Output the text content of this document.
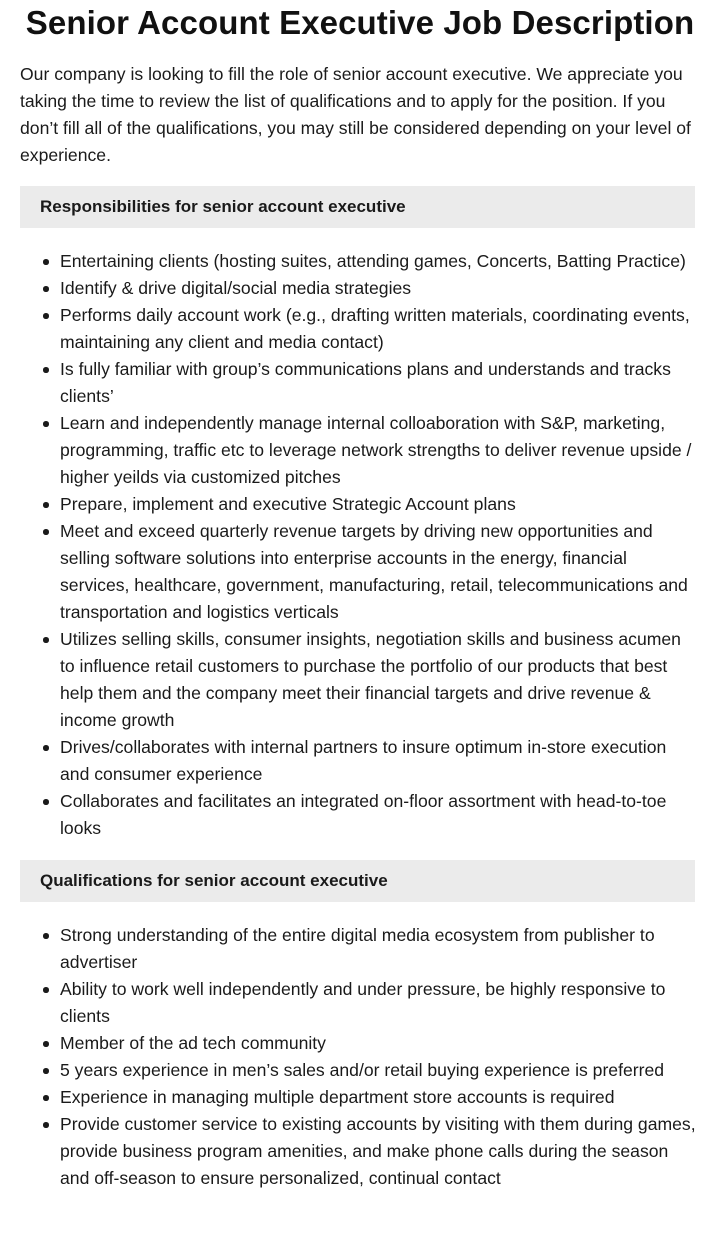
Senior Account Executive Job Description

Our company is looking to fill the role of senior account executive. We appreciate you taking the time to review the list of qualifications and to apply for the position. If you don’t fill all of the qualifications, you may still be considered depending on your level of experience.

Responsibilities for senior account executive
Entertaining clients (hosting suites, attending games, Concerts, Batting Practice)
Identify & drive digital/social media strategies
Performs daily account work (e.g., drafting written materials, coordinating events, maintaining any client and media contact)
Is fully familiar with group’s communications plans and understands and tracks clients’
Learn and independently manage internal colloaboration with S&P, marketing, programming, traffic etc to leverage network strengths to deliver revenue upside / higher yeilds via customized pitches
Prepare, implement and executive Strategic Account plans
Meet and exceed quarterly revenue targets by driving new opportunities and selling software solutions into enterprise accounts in the energy, financial services, healthcare, government, manufacturing, retail, telecommunications and transportation and logistics verticals
Utilizes selling skills, consumer insights, negotiation skills and business acumen to influence retail customers to purchase the portfolio of our products that best help them and the company meet their financial targets and drive revenue & income growth
Drives/collaborates with internal partners to insure optimum in-store execution and consumer experience
Collaborates and facilitates an integrated on-floor assortment with head-to-toe looks
Qualifications for senior account executive
Strong understanding of the entire digital media ecosystem from publisher to advertiser
Ability to work well independently and under pressure, be highly responsive to clients
Member of the ad tech community
5 years experience in men’s sales and/or retail buying experience is preferred
Experience in managing multiple department store accounts is required
Provide customer service to existing accounts by visiting with them during games, provide business program amenities, and make phone calls during the season and off-season to ensure personalized, continual contact
